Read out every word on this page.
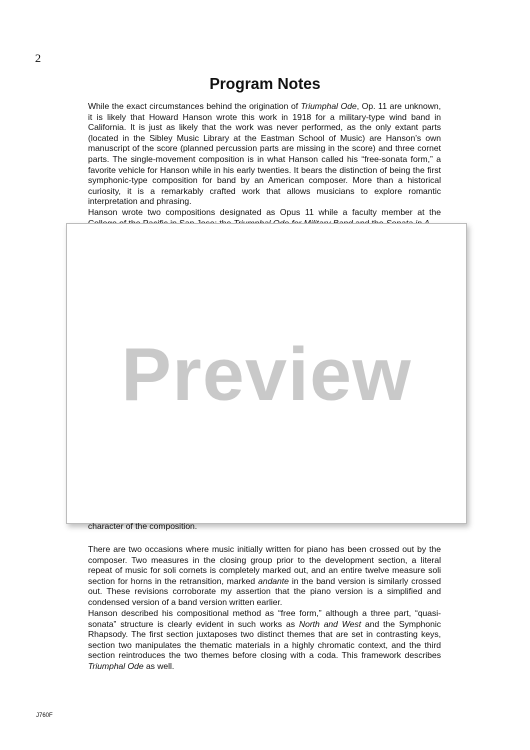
2
Program Notes

While the exact circumstances behind the origination of Triumphal Ode, Op. 11 are unknown, it is likely that Howard Hanson wrote this work in 1918 for a military-type wind band in California. It is just as likely that the work was never performed, as the only extant parts (located in the Sibley Music Library at the Eastman School of Music) are Hanson’s own manuscript of the score (planned percussion parts are missing in the score) and three cornet parts. The single-movement composition is in what Hanson called his “free-sonata form,” a favorite vehicle for Hanson while in his early twenties. It bears the distinction of being the first symphonic-type composition for band by an American composer. More than a historical curiosity, it is a remarkably crafted work that allows musicians to explore romantic interpretation and phrasing.

Hanson wrote two compositions designated as Opus 11 while a faculty member at the

Preview

character of the composition.

There are two occasions where music initially written for piano has been crossed out by the composer. Two measures in the closing group prior to the development section, a literal repeat of music for soli cornets is completely marked out, and an entire twelve measure soli section for horns in the retransition, marked andante in the band version is similarly crossed out. These revisions corroborate my assertion that the piano version is a simplified and condensed version of a band version written earlier.

Hanson described his compositional method as “free form,” although a three part, “quasi-sonata” structure is clearly evident in such works as North and West and the Symphonic Rhapsody. The first section juxtaposes two distinct themes that are set in contrasting keys, section two manipulates the thematic materials in a highly chromatic context, and the third section reintroduces the two themes before closing with a coda. This framework describes Triumphal Ode as well.

J760F
